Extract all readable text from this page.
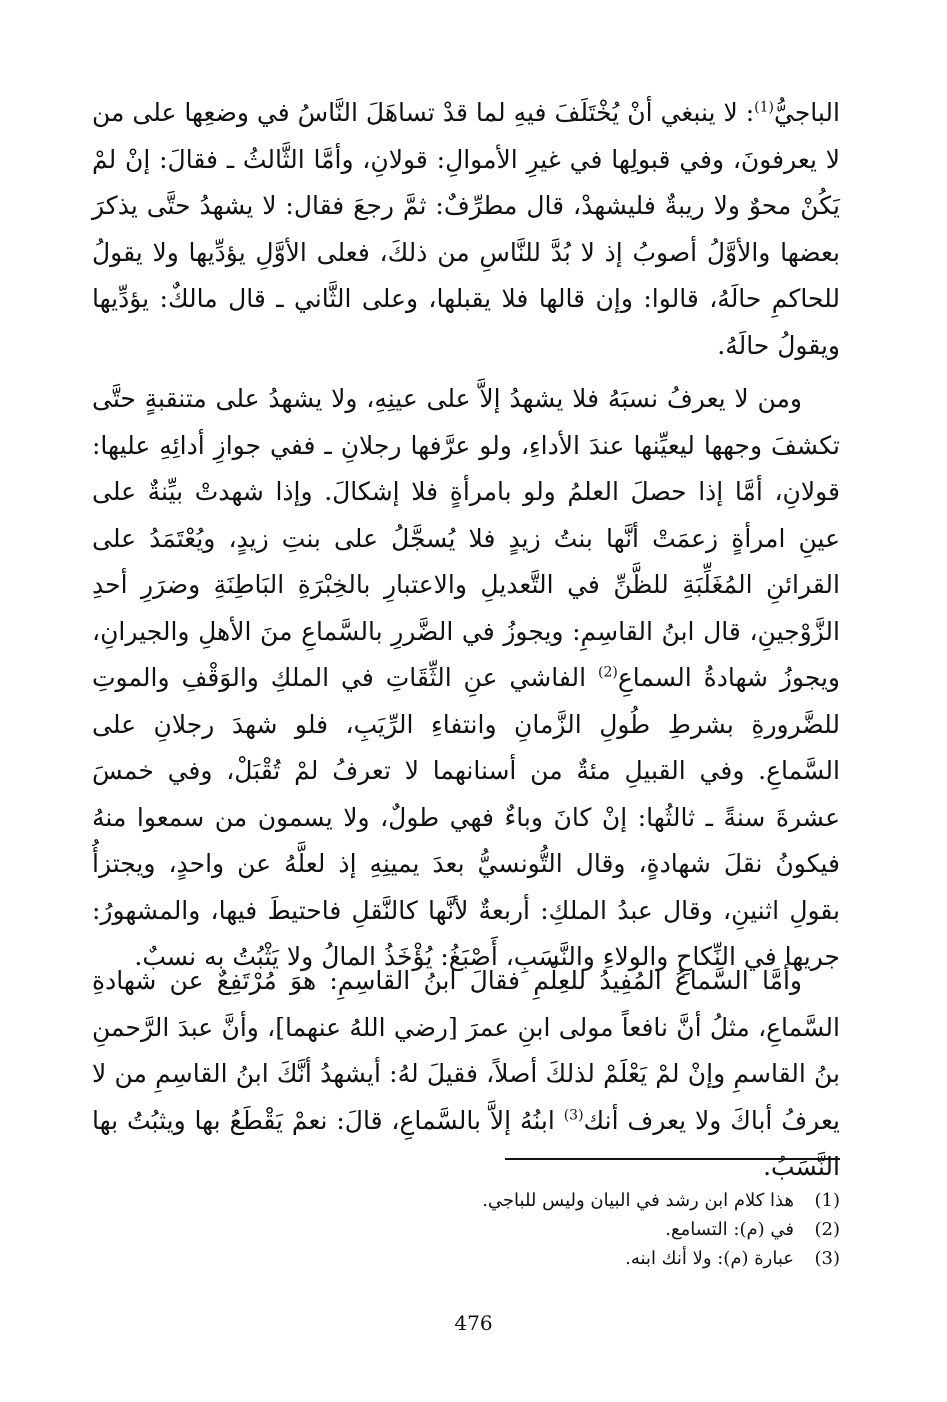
الباجيُّ$^{(1)}$: لا ينبغي أنْ يُخْتَلَفَ فيهِ لما قدْ تساهَلَ النَّاسُ في وضعِها على من لا يعرفونَ، وفي قبولِها في غيرِ الأموالِ: قولانِ، وأمَّا الثَّالثُ ـ فقالَ: إنْ لمْ يَكُنْ محوٌ ولا ريبةٌ فليشهدْ، قال مطرِّفٌ: ثمَّ رجعَ فقال: لا يشهدُ حتَّى يذكرَ بعضها والأوَّلُ أصوبُ إذ لا بُدَّ للنَّاسِ من ذلكَ، فعلى الأوَّلِ يؤدِّيها ولا يقولُ للحاكمِ حالَهُ، قالوا: وإن قالها فلا يقبلها، وعلى الثَّاني ـ قال مالكٌ: يؤدِّيها ويقولُ حالَهُ.

ومن لا يعرفُ نسبَهُ فلا يشهدُ إلاَّ على عينِهِ، ولا يشهدُ على متنقبةٍ حتَّى تكشفَ وجهها ليعيِّنها عندَ الأداءِ، ولو عرَّفها رجلانِ ـ ففي جوازِ أدائِهِ عليها: قولانِ، أمَّا إذا حصلَ العلمُ ولو بامرأةٍ فلا إشكالَ. وإذا شهدتْ بيِّنةٌ على عينِ امرأةٍ زعمَتْ أنَّها بنتُ زيدٍ فلا يُسجَّلُ على بنتِ زيدٍ، ويُعْتَمَدُ على القرائنِ المُغَلِّبَةِ للظَّنِّ في التَّعديلِ والاعتبارِ بالخِبْرَةِ البَاطِنَةِ وضرَرِ أحدِ الزَّوْجينِ، قال ابنُ القاسِمِ: ويجوزُ في الضَّررِ بالسَّماعِ منَ الأهلِ والجيرانِ، ويجوزُ شهادةُ السماعِ$^{(2)}$ الفاشي عنِ الثِّقَاتِ في الملكِ والوَقْفِ والموتِ للضَّرورةِ بشرطِ طُولِ الزَّمانِ وانتفاءِ الرِّيَبِ، فلو شهدَ رجلانِ على السَّماعِ. وفي القبيلِ مئةٌ من أسنانهما لا تعرفُ لمْ تُقْبَلْ، وفي خمسَ عشرةَ سنةً ـ ثالثُها: إنْ كانَ وباءٌ فهي طولٌ، ولا يسمون من سمعوا منهُ فيكونُ نقلَ شهادةٍ، وقال التُّونسيُّ بعدَ يمينِهِ إذ لعلَّهُ عن واحدٍ، ويجتزأُ بقولِ اثنينِ، وقال عبدُ الملكِ: أربعةٌ لأنَّها كالنَّقلِ فاحتيطَ فيها، والمشهورُ: جريها في النِّكاحِ والولاءِ والنَّسَبِ، أَصْبَغُ: يُؤْخَذُ المالُ ولا يَثْبُتُ به نسبٌ.

وأمَّا السَّماعُ المُفِيدُ للعِلْمِ فقالَ ابنُ القاسِمِ: هوَ مُرْتَفِعٌ عن شهادةِ السَّماعِ، مثلُ أنَّ نافعاً مولى ابنِ عمرَ [رضي اللهُ عنهما]، وأنَّ عبدَ الرَّحمنِ بنُ القاسمِ وإنْ لمْ يَعْلَمْ لذلكَ أصلاً، فقيلَ لهُ: أيشهدُ أنَّكَ ابنُ القاسِمِ من لا يعرفُ أباكَ ولا يعرف أنك$^{(3)}$ ابنُهُ إلاَّ بالسَّماعِ، قالَ: نعمْ يَقْطَعُ بها ويثبُتُ بها النَّسَبُ.

(1)
هذا كلام ابن رشد في البيان وليس للباجي.
(2)
في (م): التسامع.
(3)
عبارة (م): ولا أنك ابنه.
476
